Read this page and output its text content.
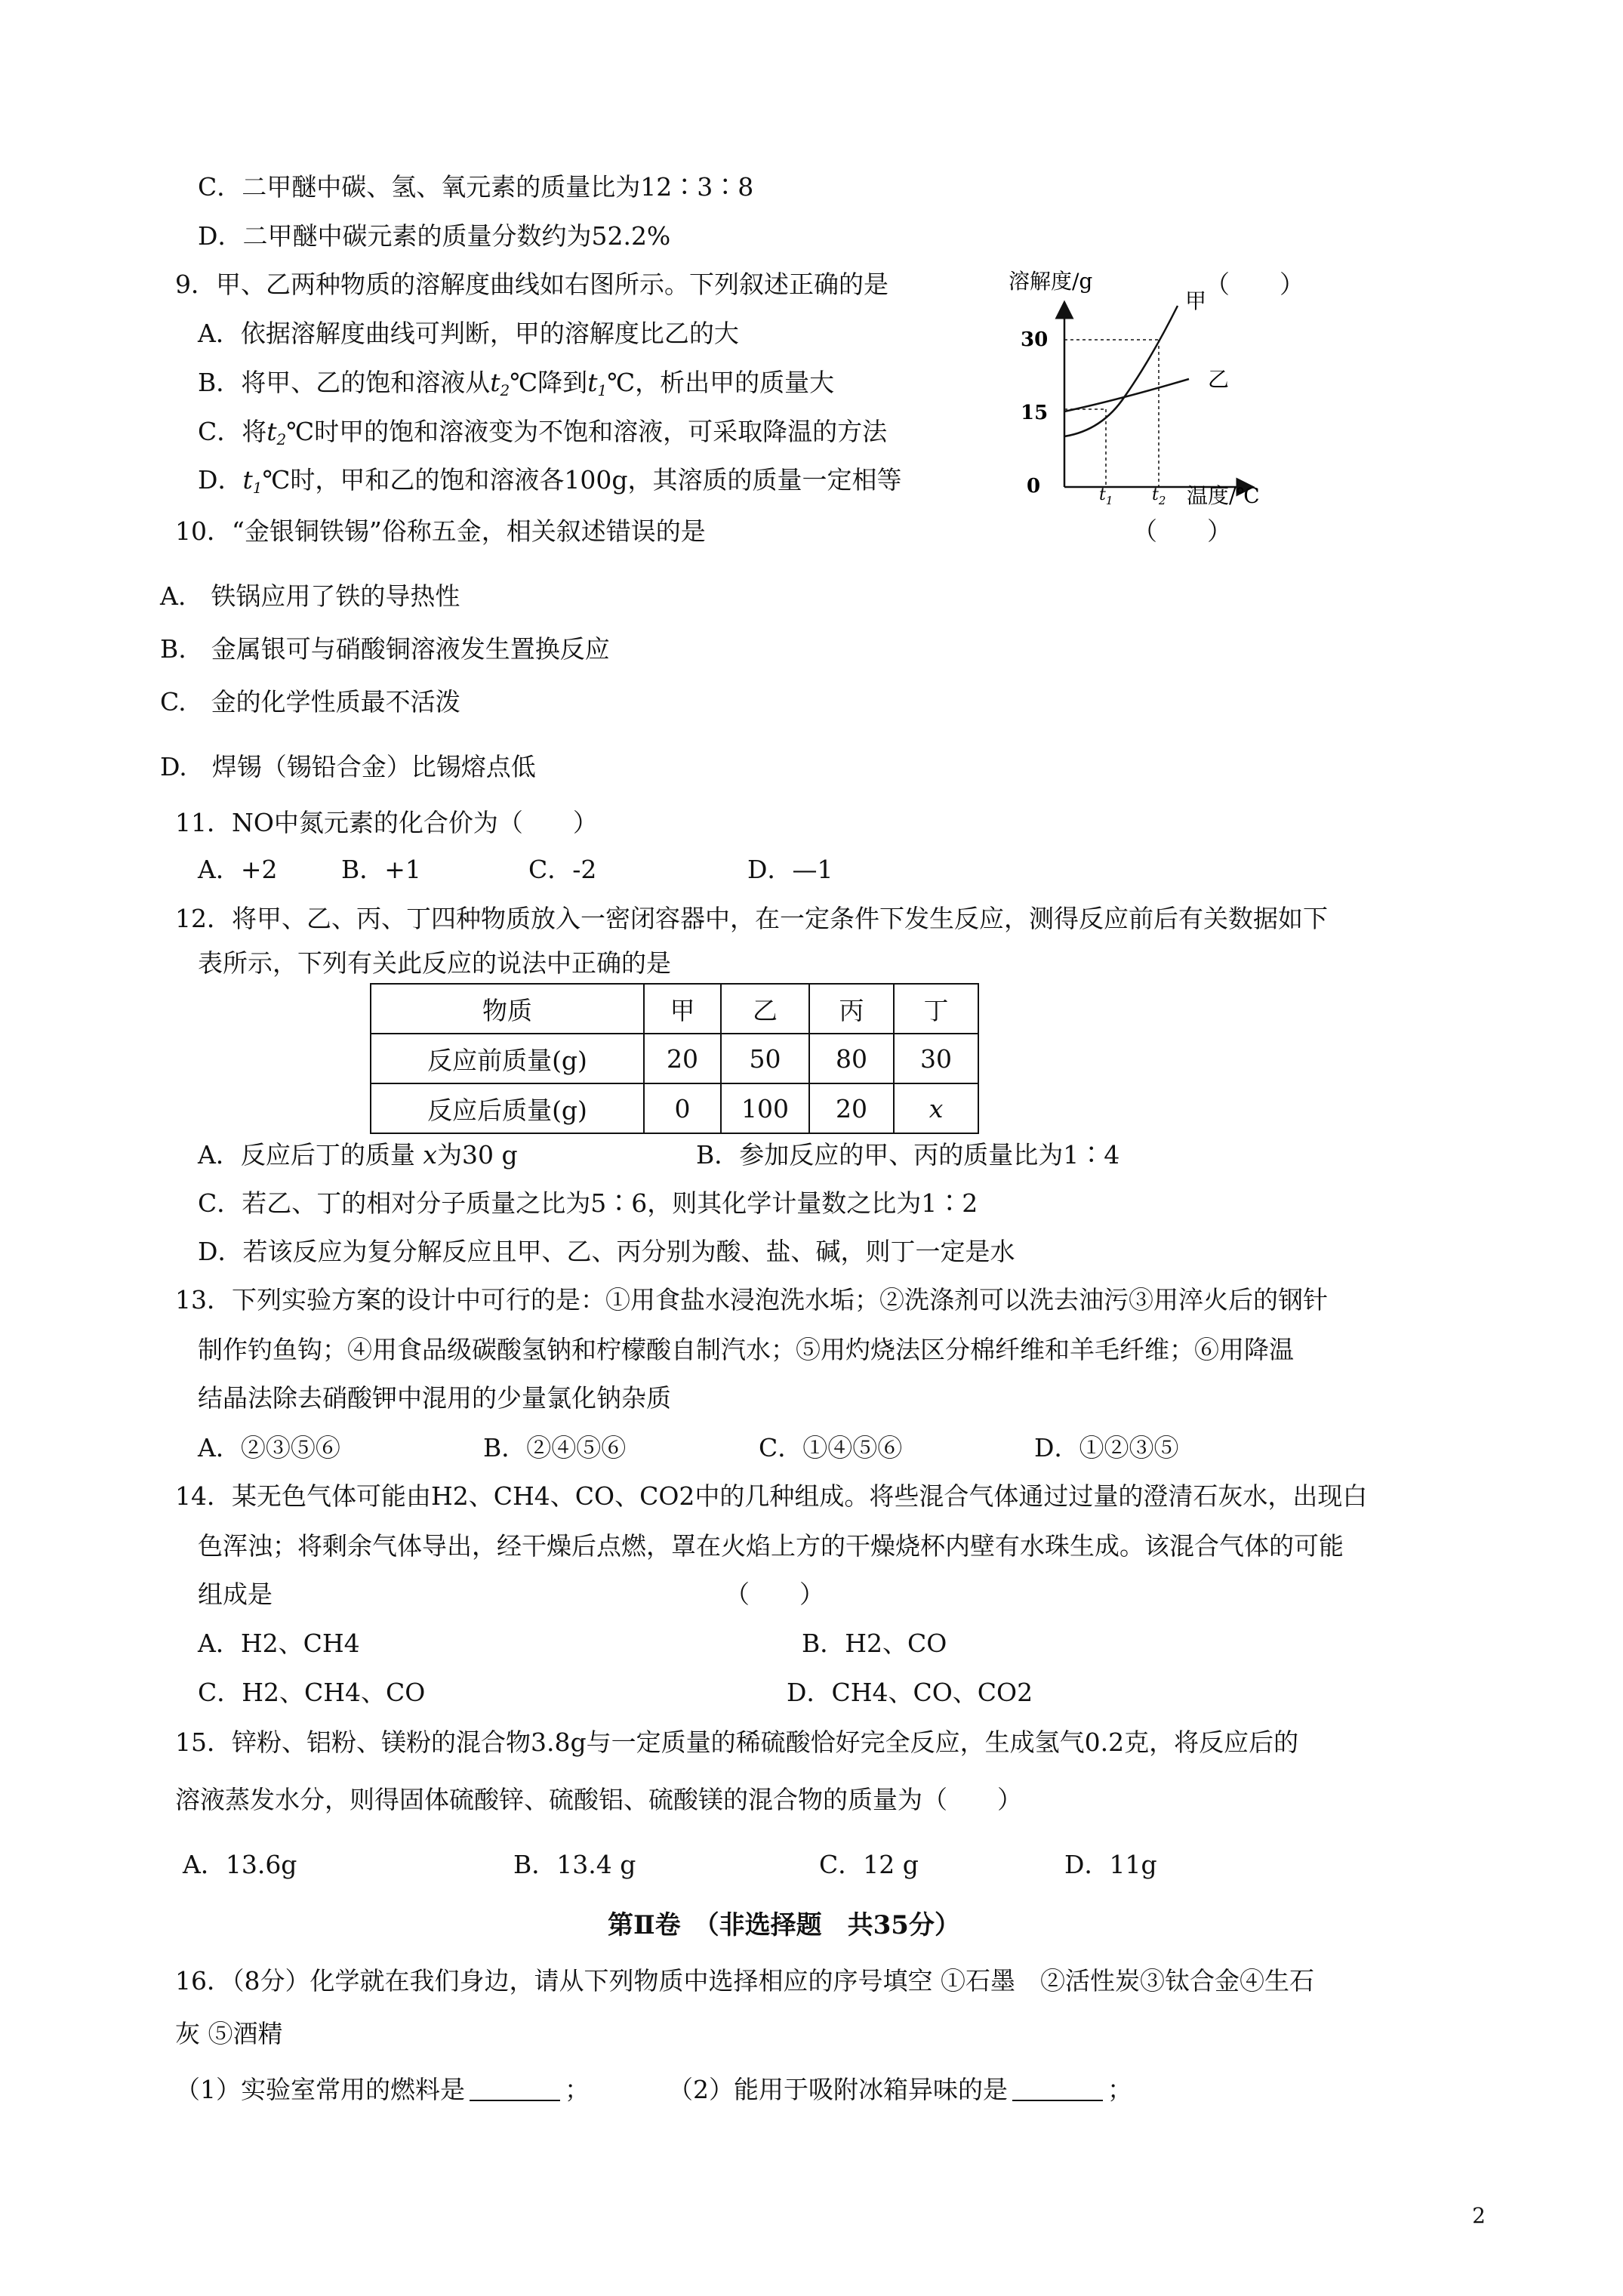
C．二甲醚中碳、氢、氧元素的质量比为12∶3∶8
D．二甲醚中碳元素的质量分数约为52.2%
9．甲、乙两种物质的溶解度曲线如右图所示。下列叙述正确的是	（　　）
A．依据溶解度曲线可判断，甲的溶解度比乙的大
B．将甲、乙的饱和溶液从$t_2℃$降到$t_1℃$，析出甲的质量大
C．将$t_2℃$时甲的饱和溶液变为不饱和溶液，可采取降温的方法
D．$t_1℃$时，甲和乙的饱和溶液各100g，其溶质的质量一定相等
溶解度/g
30
15
0
甲
乙
$t_1$ $t_2$ 温度/℃
10．“金银铜铁锡”俗称五金，相关叙述错误的是	（　　）
A.　铁锅应用了铁的导热性
B.　金属银可与硝酸铜溶液发生置换反应
C.　金的化学性质最不活泼
D.　焊锡（锡铅合金）比锡熔点低
11．NO中氮元素的化合价为（　　）
A．+2	B．+1	C．-2	D．—1
12．将甲、乙、丙、丁四种物质放入一密闭容器中，在一定条件下发生反应，测得反应前后有关数据如下
表所示，下列有关此反应的说法中正确的是
物质	甲	乙	丙	丁
反应前质量(g)	20	50	80	30
反应后质量(g)	0	100	20	x
A．反应后丁的质量 x为30 g	B．参加反应的甲、丙的质量比为1∶4
C．若乙、丁的相对分子质量之比为5∶6，则其化学计量数之比为1∶2
D．若该反应为复分解反应且甲、乙、丙分别为酸、盐、碱，则丁一定是水
13．下列实验方案的设计中可行的是：①用食盐水浸泡洗水垢；②洗涤剂可以洗去油污③用淬火后的钢针
制作钓鱼钩；④用食品级碳酸氢钠和柠檬酸自制汽水；⑤用灼烧法区分棉纤维和羊毛纤维；⑥用降温
结晶法除去硝酸钾中混用的少量氯化钠杂质
A．②③⑤⑥	B．②④⑤⑥	C．①④⑤⑥	D．①②③⑤
14．某无色气体可能由H2、CH4、CO、CO2中的几种组成。将些混合气体通过过量的澄清石灰水，出现白
色浑浊；将剩余气体导出，经干燥后点燃，罩在火焰上方的干燥烧杯内壁有水珠生成。该混合气体的可能
组成是	（　　）
A．H2、CH4	B．H2、CO
C．H2、CH4、CO	D．CH4、CO、CO2
15．锌粉、铝粉、镁粉的混合物3.8g与一定质量的稀硫酸恰好完全反应，生成氢气0.2克，将反应后的
溶液蒸发水分，则得固体硫酸锌、硫酸铝、硫酸镁的混合物的质量为（　　）
A．13.6g	B．13.4 g	C．12 g	D．11g
第Ⅱ卷　（非选择题　共35分）
16．（8分）化学就在我们身边，请从下列物质中选择相应的序号填空 ①石墨　②活性炭③钛合金④生石
灰 ⑤酒精
（1）实验室常用的燃料是	；	（2）能用于吸附冰箱异味的是	；
2
